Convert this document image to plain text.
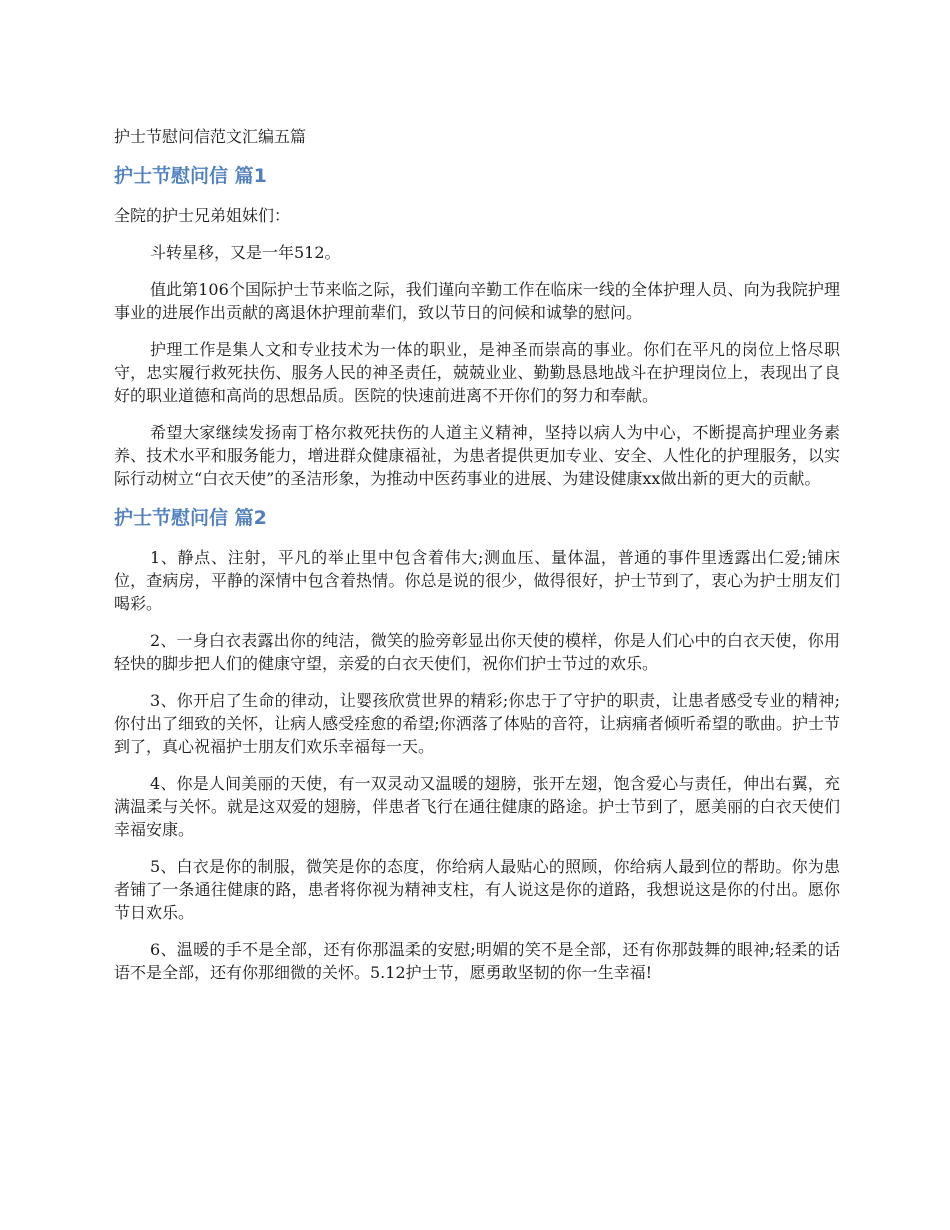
护士节慰问信范文汇编五篇
护士节慰问信 篇1

全院的护士兄弟姐妹们：

斗转星移，又是一年512。

值此第106个国际护士节来临之际，我们谨向辛勤工作在临床一线的全体护理人员、向为我院护理事业的进展作出贡献的离退休护理前辈们，致以节日的问候和诚挚的慰问。

护理工作是集人文和专业技术为一体的职业，是神圣而崇高的事业。你们在平凡的岗位上恪尽职守，忠实履行救死扶伤、服务人民的神圣责任，兢兢业业、勤勤恳恳地战斗在护理岗位上，表现出了良好的职业道德和高尚的思想品质。医院的快速前进离不开你们的努力和奉献。

希望大家继续发扬南丁格尔救死扶伤的人道主义精神，坚持以病人为中心，不断提高护理业务素养、技术水平和服务能力，增进群众健康福祉，为患者提供更加专业、安全、人性化的护理服务，以实际行动树立“白衣天使”的圣洁形象，为推动中医药事业的进展、为建设健康xx做出新的更大的贡献。

护士节慰问信 篇2

1、静点、注射，平凡的举止里中包含着伟大;测血压、量体温，普通的事件里透露出仁爱;铺床位，查病房，平静的深情中包含着热情。你总是说的很少，做得很好，护士节到了，衷心为护士朋友们喝彩。

2、一身白衣表露出你的纯洁，微笑的脸旁彰显出你天使的模样，你是人们心中的白衣天使，你用轻快的脚步把人们的健康守望，亲爱的白衣天使们，祝你们护士节过的欢乐。

3、你开启了生命的律动，让婴孩欣赏世界的精彩;你忠于了守护的职责，让患者感受专业的精神;你付出了细致的关怀，让病人感受痊愈的希望;你洒落了体贴的音符，让病痛者倾听希望的歌曲。护士节到了，真心祝福护士朋友们欢乐幸福每一天。

4、你是人间美丽的天使，有一双灵动又温暖的翅膀，张开左翅，饱含爱心与责任，伸出右翼，充满温柔与关怀。就是这双爱的翅膀，伴患者飞行在通往健康的路途。护士节到了，愿美丽的白衣天使们幸福安康。

5、白衣是你的制服，微笑是你的态度，你给病人最贴心的照顾，你给病人最到位的帮助。你为患者铺了一条通往健康的路，患者将你视为精神支柱，有人说这是你的道路，我想说这是你的付出。愿你节日欢乐。

6、温暖的手不是全部，还有你那温柔的安慰;明媚的笑不是全部，还有你那鼓舞的眼神;轻柔的话语不是全部，还有你那细微的关怀。5.12护士节，愿勇敢坚韧的你一生幸福!
